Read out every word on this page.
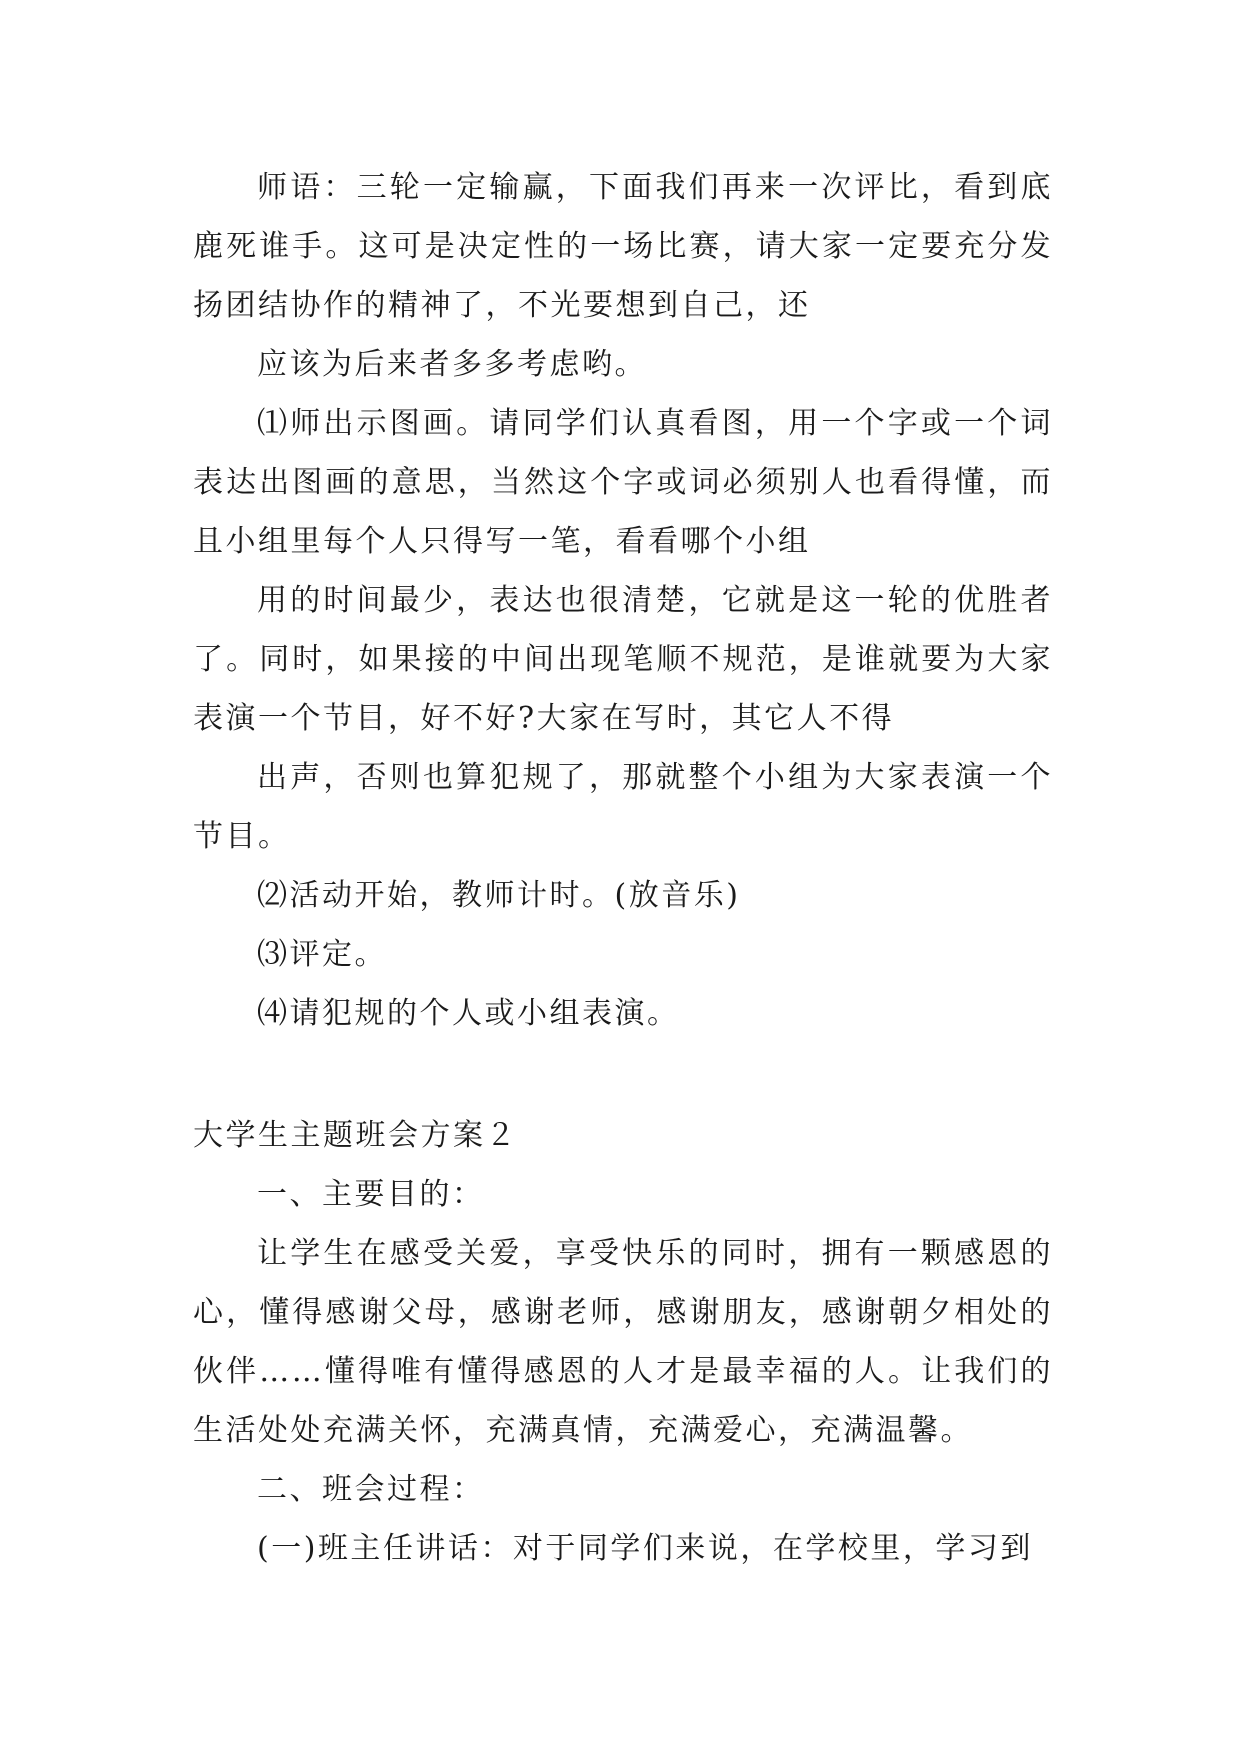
师语：三轮一定输赢，下面我们再来一次评比，看到底鹿死谁手。这可是决定性的一场比赛，请大家一定要充分发扬团结协作的精神了，不光要想到自己，还

应该为后来者多多考虑哟。

⑴师出示图画。请同学们认真看图，用一个字或一个词表达出图画的意思，当然这个字或词必须别人也看得懂，而且小组里每个人只得写一笔，看看哪个小组

用的时间最少，表达也很清楚，它就是这一轮的优胜者了。同时，如果接的中间出现笔顺不规范，是谁就要为大家表演一个节目，好不好?大家在写时，其它人不得

出声，否则也算犯规了，那就整个小组为大家表演一个节目。

⑵活动开始，教师计时。(放音乐)

⑶评定。

⑷请犯规的个人或小组表演。

大学生主题班会方案２

一、主要目的：

让学生在感受关爱，享受快乐的同时，拥有一颗感恩的心，懂得感谢父母，感谢老师，感谢朋友，感谢朝夕相处的伙伴……懂得唯有懂得感恩的人才是最幸福的人。让我们的生活处处充满关怀，充满真情，充满爱心，充满温馨。

二、班会过程：

(一)班主任讲话：对于同学们来说，在学校里，学习到
